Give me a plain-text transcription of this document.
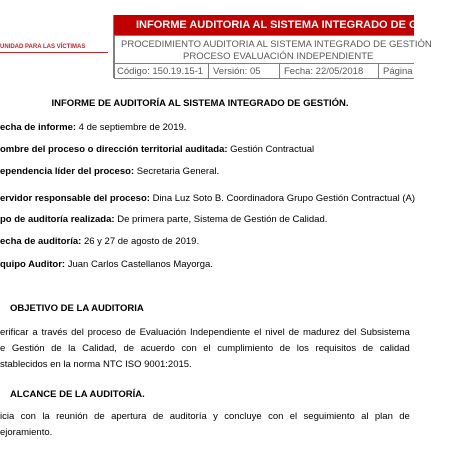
UNIDAD PARA LAS VÍCTIMAS
INFORME AUDITORIA AL SISTEMA INTEGRADO DE GESTIÓN
PROCEDIMIENTO AUDITORIA AL SISTEMA INTEGRADO DE GESTIÓN
PROCESO EVALUACIÓN INDEPENDIENTE
Código: 150.19.15-1 Versión: 05 Fecha: 22/05/2018 Página
INFORME DE AUDITORÍA AL SISTEMA INTEGRADO DE GESTIÓN.
echa de informe: 4 de septiembre de 2019.
ombre del proceso o dirección territorial auditada: Gestión Contractual
ependencia líder del proceso: Secretaria General.
ervidor responsable del proceso: Dina Luz Soto B. Coordinadora Grupo Gestión Contractual (A)
po de auditoría realizada: De primera parte, Sistema de Gestión de Calidad.
echa de auditoría: 26 y 27 de agosto de 2019.
quipo Auditor: Juan Carlos Castellanos Mayorga.
OBJETIVO DE LA AUDITORIA
erificar a través del proceso de Evaluación Independiente el nivel de madurez del Subsistema
e Gestión de la Calidad, de acuerdo con el cumplimiento de los requisitos de calidad
stablecidos en la norma NTC ISO 9001:2015.
ALCANCE DE LA AUDITORÍA.
icia con la reunión de apertura de auditoría y concluye con el seguimiento al plan de
ejoramiento.
